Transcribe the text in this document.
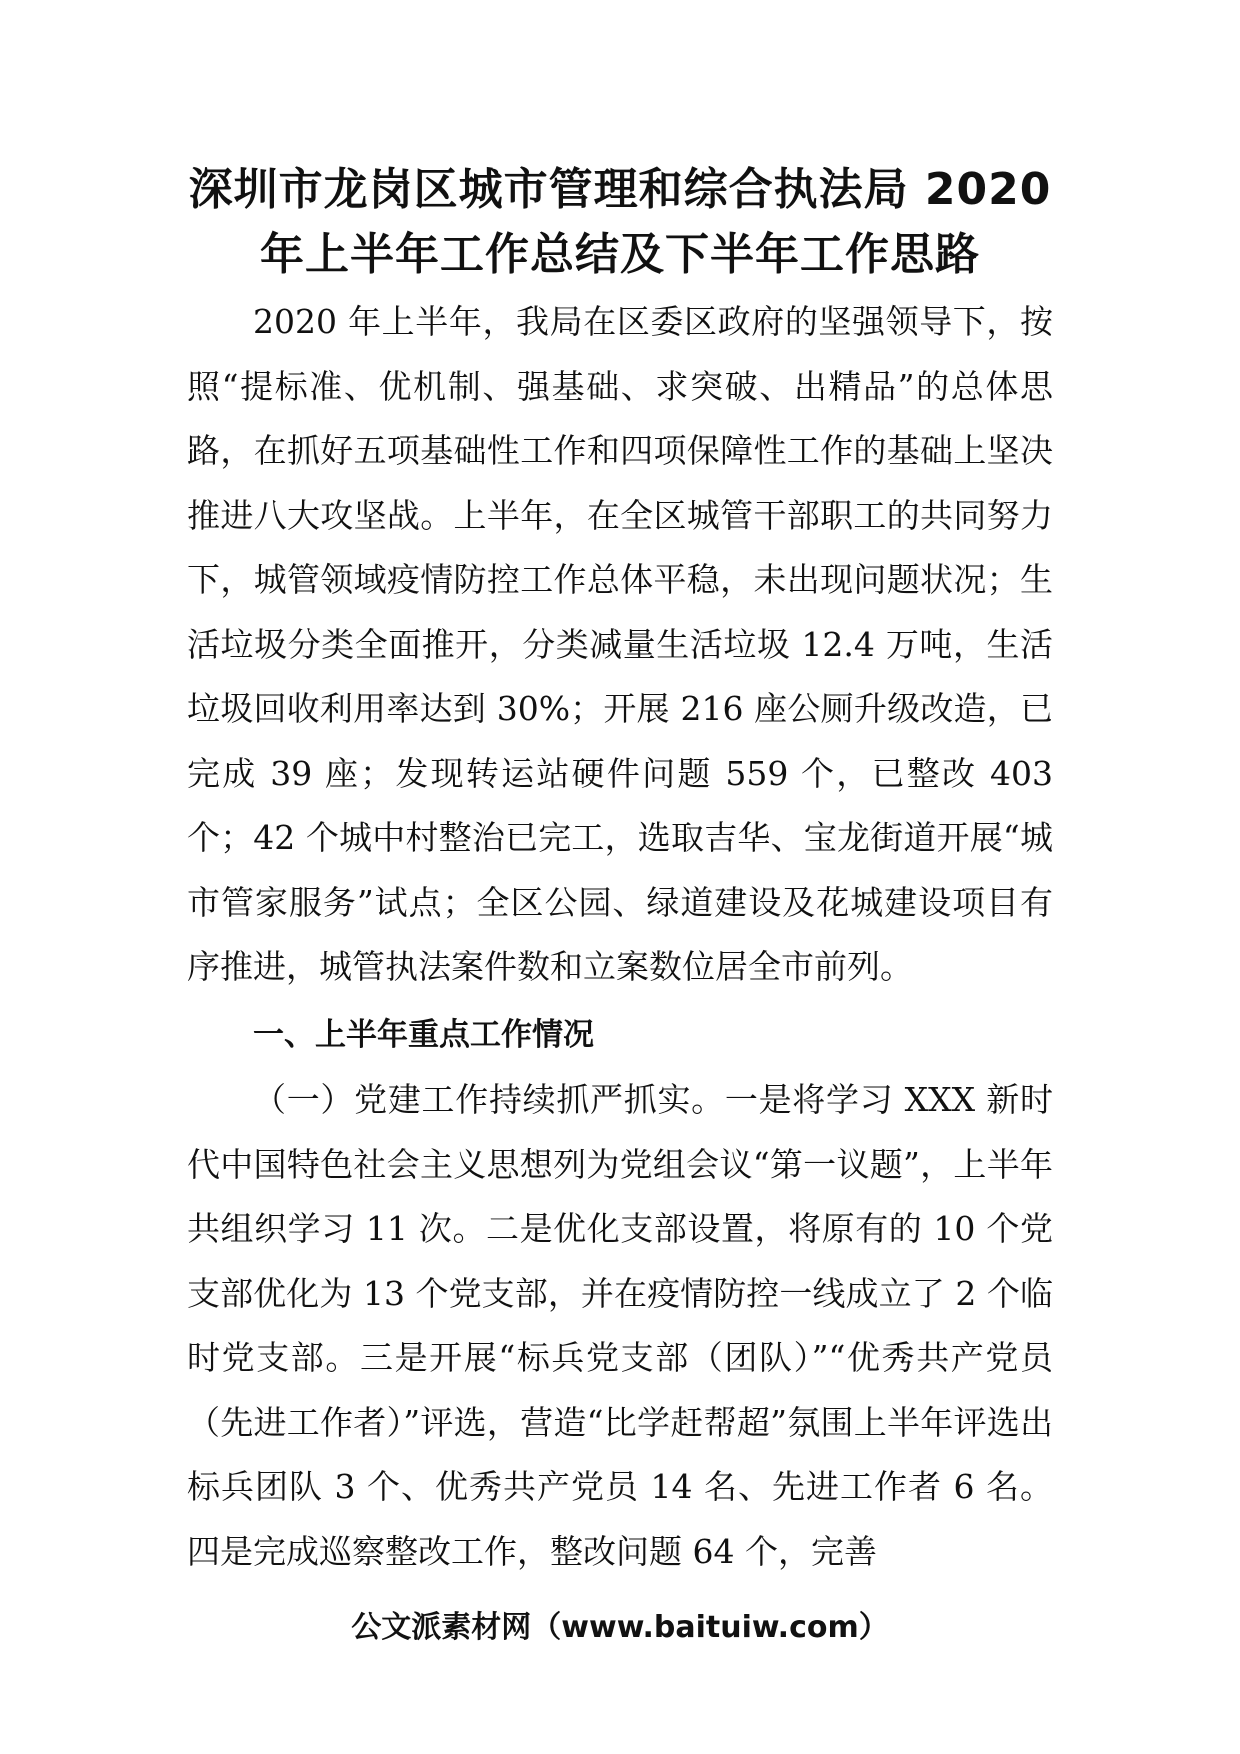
深圳市龙岗区城市管理和综合执法局 2020
年上半年工作总结及下半年工作思路

2020 年上半年，我局在区委区政府的坚强领导下，按照“提标准、优机制、强基础、求突破、出精品”的总体思路，在抓好五项基础性工作和四项保障性工作的基础上坚决推进八大攻坚战。上半年，在全区城管干部职工的共同努力下，城管领域疫情防控工作总体平稳，未出现问题状况；生活垃圾分类全面推开，分类减量生活垃圾 12.4 万吨，生活垃圾回收利用率达到 30%；开展 216 座公厕升级改造，已完成 39 座；发现转运站硬件问题 559 个，已整改 403 个；42 个城中村整治已完工，选取吉华、宝龙街道开展“城市管家服务”试点；全区公园、绿道建设及花城建设项目有序推进，城管执法案件数和立案数位居全市前列。

一、上半年重点工作情况

（一）党建工作持续抓严抓实。一是将学习 XXX 新时代中国特色社会主义思想列为党组会议“第一议题”，上半年共组织学习 11 次。二是优化支部设置，将原有的 10 个党支部优化为 13 个党支部，并在疫情防控一线成立了 2 个临时党支部。三是开展“标兵党支部（团队）”“优秀共产党员（先进工作者）”评选，营造“比学赶帮超”氛围上半年评选出标兵团队 3 个、优秀共产党员 14 名、先进工作者 6 名。四是完成巡察整改工作，整改问题 64 个，完善

公文派素材网（www.baituiw.com）
